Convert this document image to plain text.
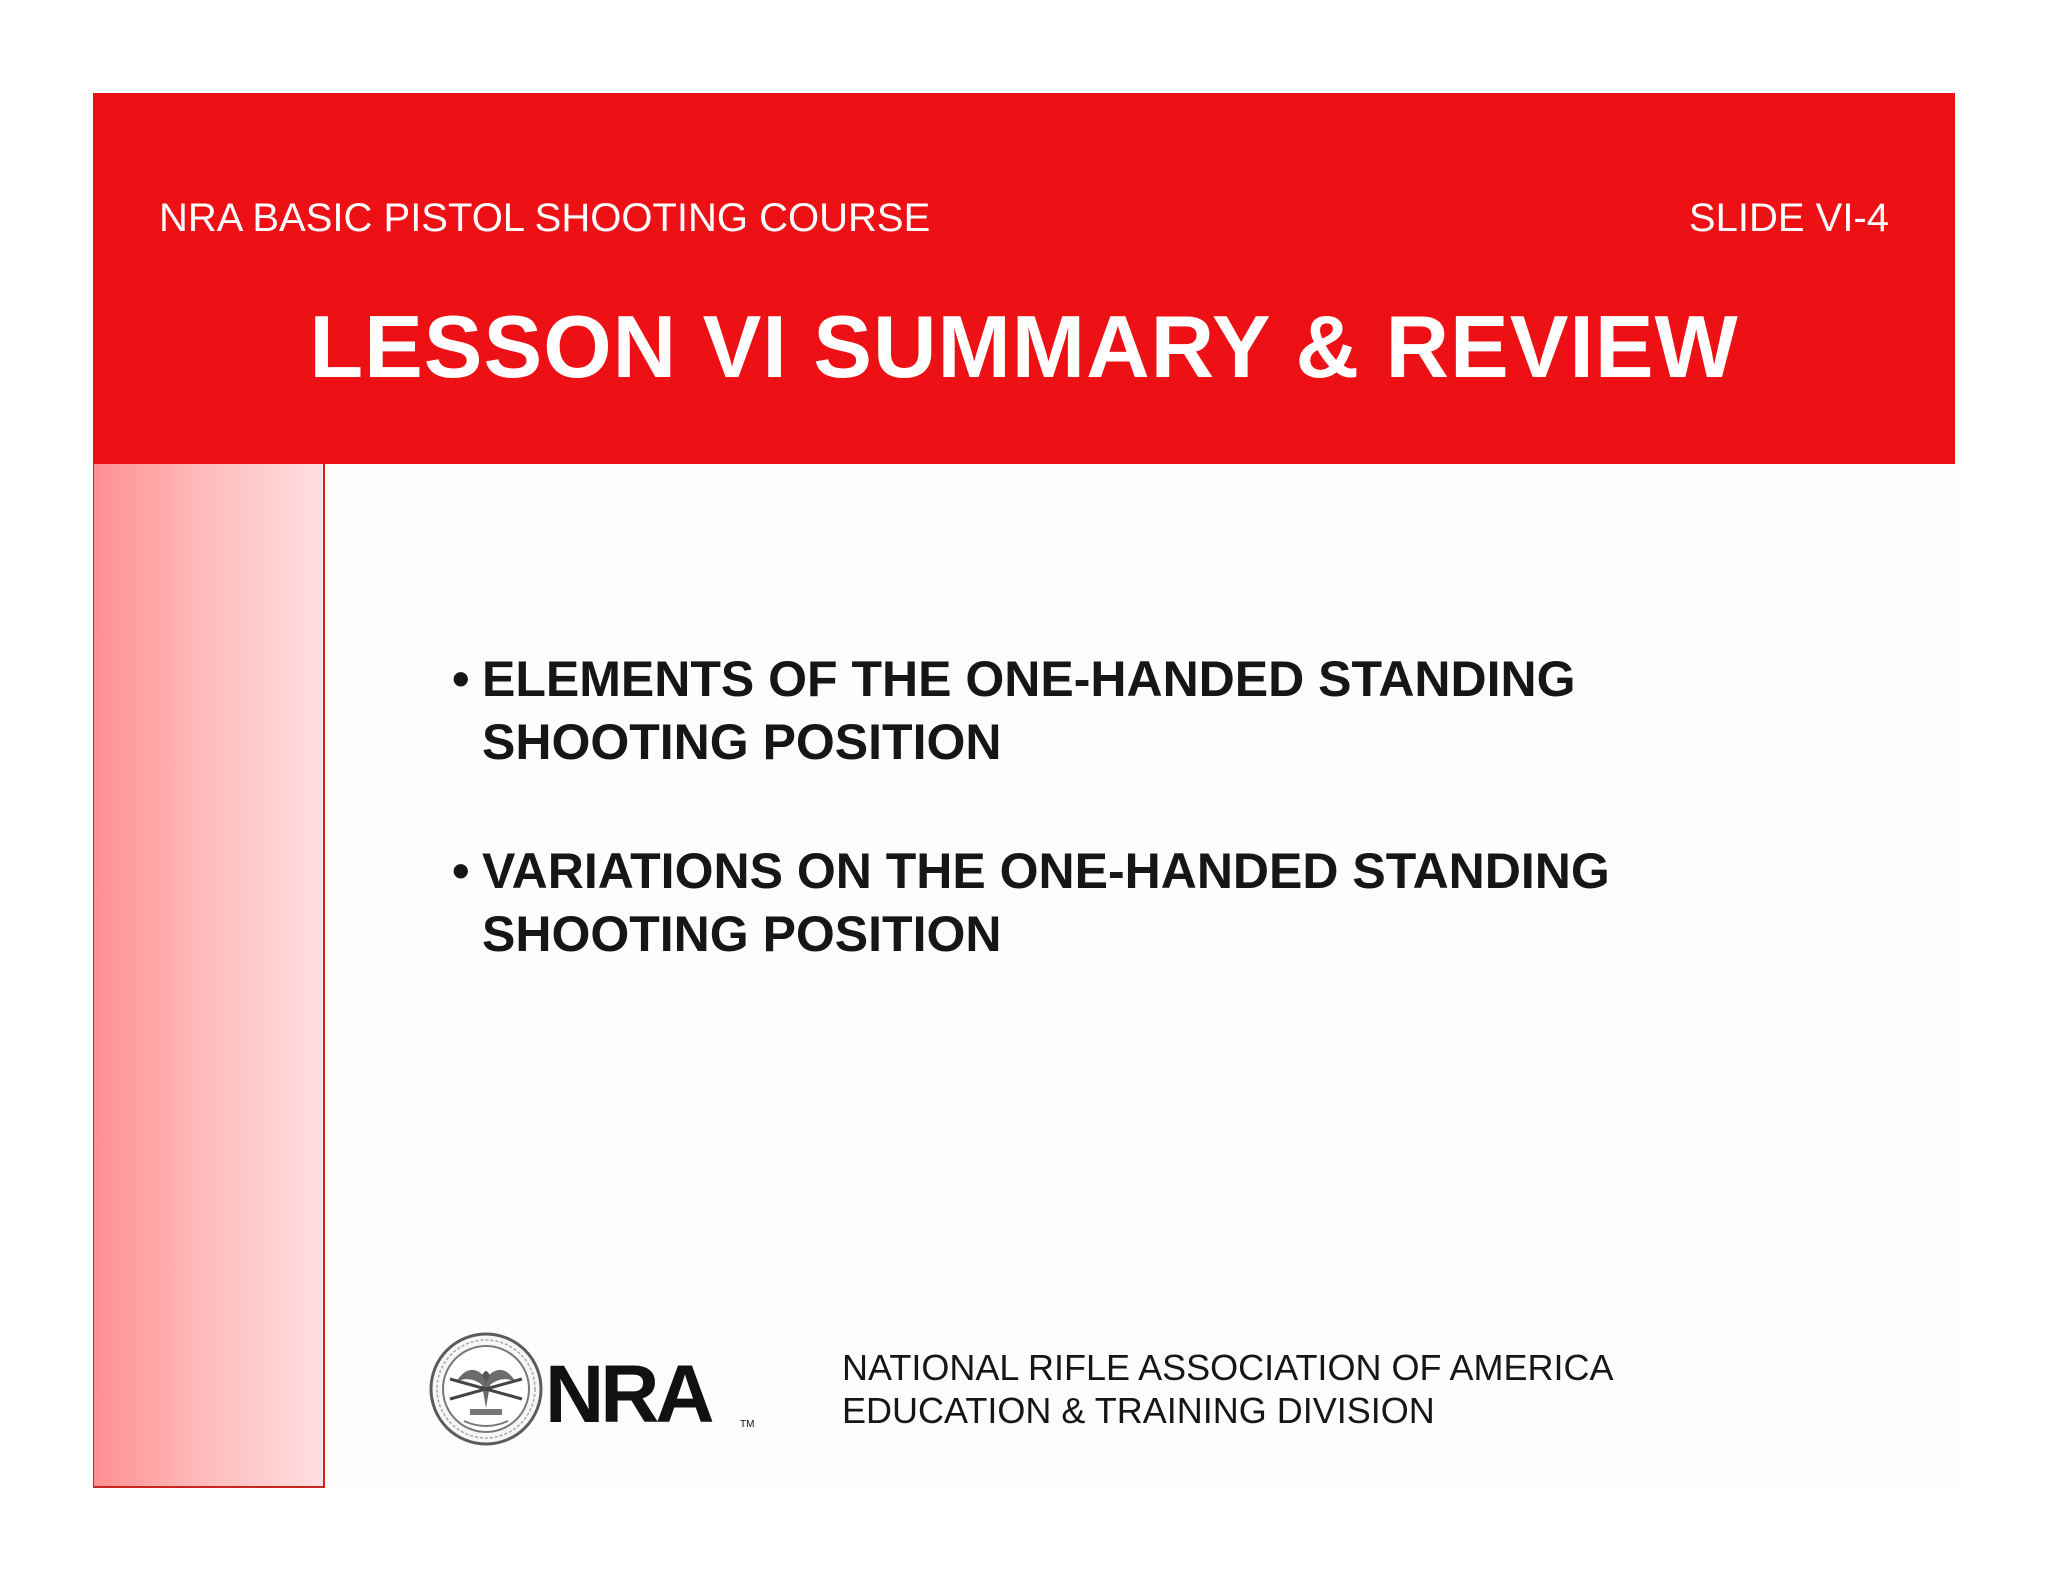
NRA BASIC PISTOL SHOOTING COURSE	SLIDE VI-4
LESSON VI SUMMARY & REVIEW
• ELEMENTS OF THE ONE-HANDED STANDING
SHOOTING POSITION
• VARIATIONS ON THE ONE-HANDED STANDING
SHOOTING POSITION
NRA	TM
NATIONAL RIFLE ASSOCIATION OF AMERICA
EDUCATION & TRAINING DIVISION
